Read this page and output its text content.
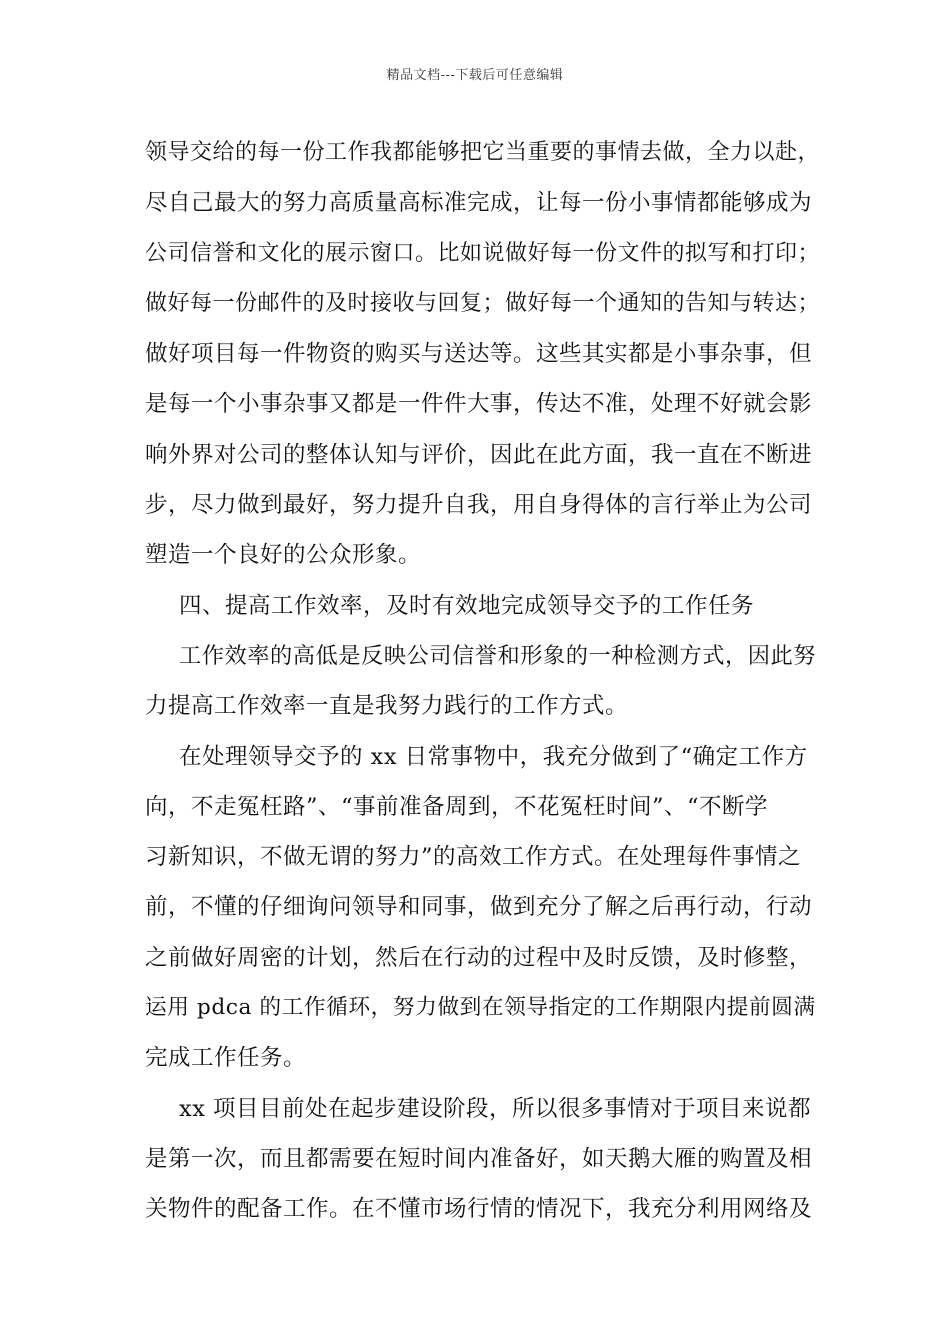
精品文档---下载后可任意编辑
领导交给的每一份工作我都能够把它当重要的事情去做，全力以赴，
尽自己最大的努力高质量高标准完成，让每一份小事情都能够成为
公司信誉和文化的展示窗口。比如说做好每一份文件的拟写和打印；
做好每一份邮件的及时接收与回复；做好每一个通知的告知与转达；
做好项目每一件物资的购买与送达等。这些其实都是小事杂事，但
是每一个小事杂事又都是一件件大事，传达不准，处理不好就会影
响外界对公司的整体认知与评价，因此在此方面，我一直在不断进
步，尽力做到最好，努力提升自我，用自身得体的言行举止为公司
塑造一个良好的公众形象。
四、提高工作效率，及时有效地完成领导交予的工作任务
工作效率的高低是反映公司信誉和形象的一种检测方式，因此努
力提高工作效率一直是我努力践行的工作方式。
在处理领导交予的 xx 日常事物中，我充分做到了“确定工作方
向，不走冤枉路”、“事前准备周到，不花冤枉时间”、“不断学
习新知识，不做无谓的努力”的高效工作方式。在处理每件事情之
前，不懂的仔细询问领导和同事，做到充分了解之后再行动，行动
之前做好周密的计划，然后在行动的过程中及时反馈，及时修整，
运用 pdca 的工作循环，努力做到在领导指定的工作期限内提前圆满
完成工作任务。
xx 项目目前处在起步建设阶段，所以很多事情对于项目来说都
是第一次，而且都需要在短时间内准备好，如天鹅大雁的购置及相
关物件的配备工作。在不懂市场行情的情况下，我充分利用网络及
